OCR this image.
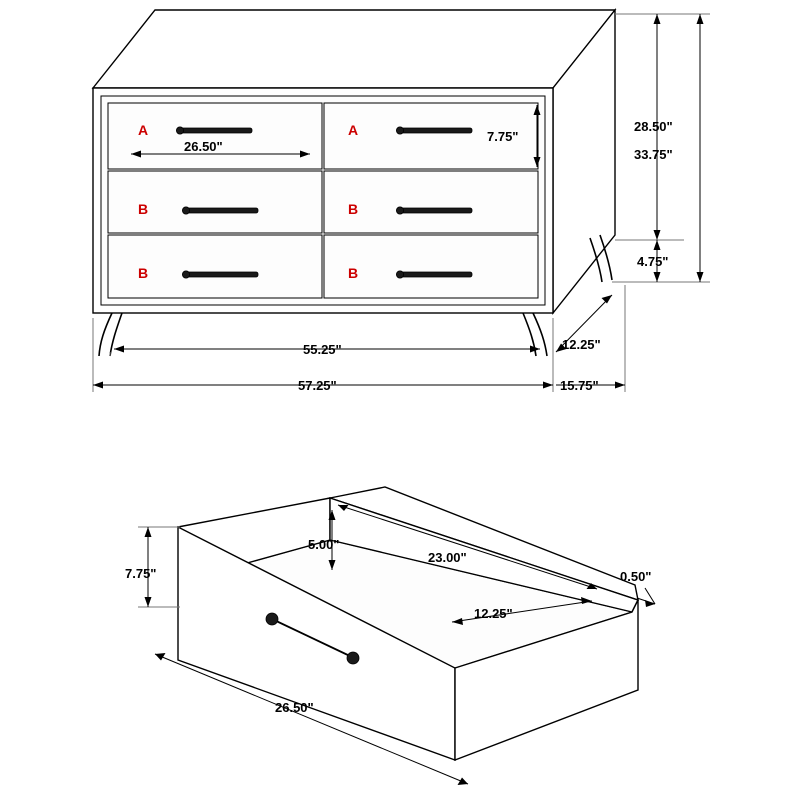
A	A
B	B
B	B
26.50"
7.75"
28.50"
33.75"
4.75"
55.25"
57.25"
12.25"
15.75"
7.75"
5.00"
23.00"
12.25"
0.50"
26.50"
